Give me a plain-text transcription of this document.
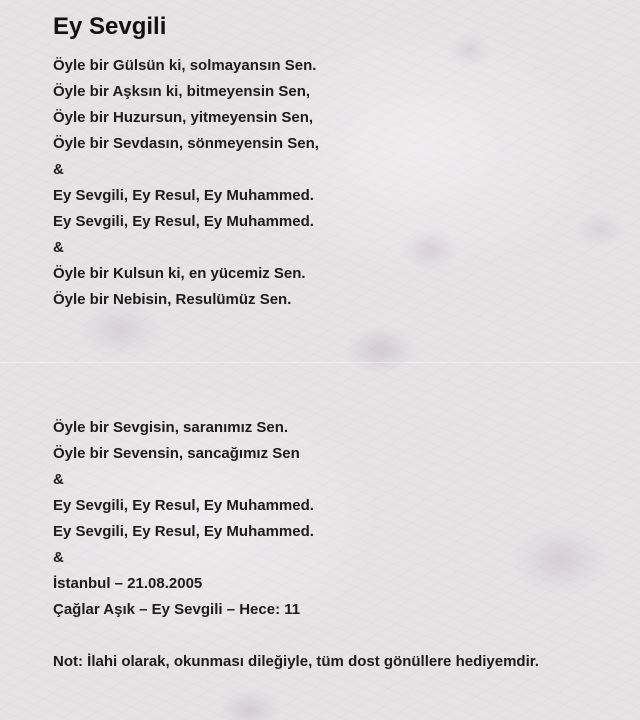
Ey Sevgili
Öyle bir Gülsün ki, solmayansın Sen.
Öyle bir Aşksın ki, bitmeyensin Sen,
Öyle bir Huzursun, yitmeyensin Sen,
Öyle bir Sevdasın, sönmeyensin Sen,
&
Ey Sevgili, Ey Resul, Ey Muhammed.
Ey Sevgili, Ey Resul, Ey Muhammed.
&
Öyle bir Kulsun ki, en yücemiz Sen.
Öyle bir Nebisin, Resulümüz Sen.
Öyle bir Sevgisin, saranımız Sen.
Öyle bir Sevensin, sancağımız Sen
&
Ey Sevgili, Ey Resul, Ey Muhammed.
Ey Sevgili, Ey Resul, Ey Muhammed.
&
İstanbul – 21.08.2005
Çağlar Aşık – Ey Sevgili – Hece: 11
Not: İlahi olarak, okunması dileğiyle, tüm dost gönüllere hediyemdir.
